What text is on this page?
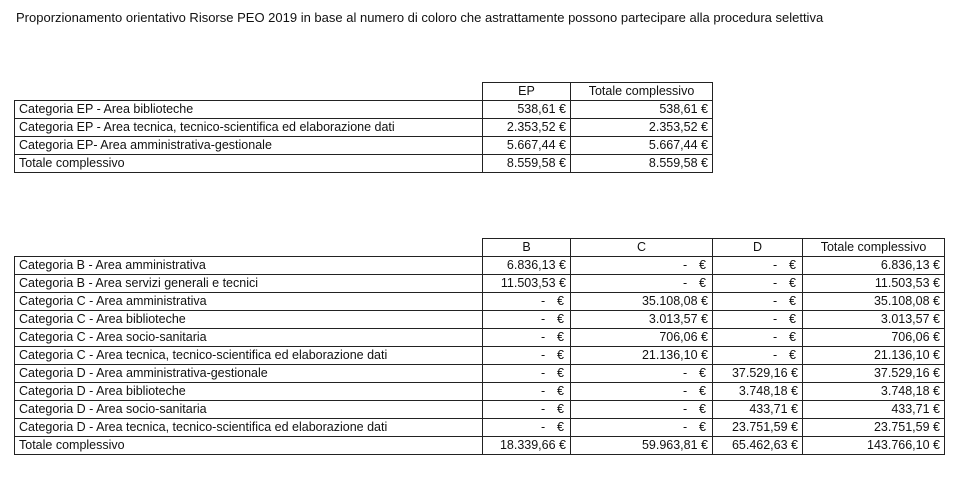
Proporzionamento orientativo Risorse PEO 2019 in base al numero di coloro che astrattamente possono partecipare alla procedura selettiva
	EP	Totale complessivo
Categoria EP - Area biblioteche	538,61 €	538,61 €
Categoria EP - Area tecnica, tecnico-scientifica ed elaborazione dati	2.353,52 €	2.353,52 €
Categoria EP- Area amministrativa-gestionale	5.667,44 €	5.667,44 €
Totale complessivo	8.559,58 €	8.559,58 €
	B	C	D	Totale complessivo
Categoria B - Area amministrativa	6.836,13 €	- €	- €	6.836,13 €
Categoria B - Area servizi generali e tecnici	11.503,53 €	- €	- €	11.503,53 €
Categoria C - Area amministrativa	- €	35.108,08 €	- €	35.108,08 €
Categoria C - Area biblioteche	- €	3.013,57 €	- €	3.013,57 €
Categoria C - Area socio-sanitaria	- €	706,06 €	- €	706,06 €
Categoria C - Area tecnica, tecnico-scientifica ed elaborazione dati	- €	21.136,10 €	- €	21.136,10 €
Categoria D - Area amministrativa-gestionale	- €	- €	37.529,16 €	37.529,16 €
Categoria D - Area biblioteche	- €	- €	3.748,18 €	3.748,18 €
Categoria D - Area socio-sanitaria	- €	- €	433,71 €	433,71 €
Categoria D - Area tecnica, tecnico-scientifica ed elaborazione dati	- €	- €	23.751,59 €	23.751,59 €
Totale complessivo	18.339,66 €	59.963,81 €	65.462,63 €	143.766,10 €
